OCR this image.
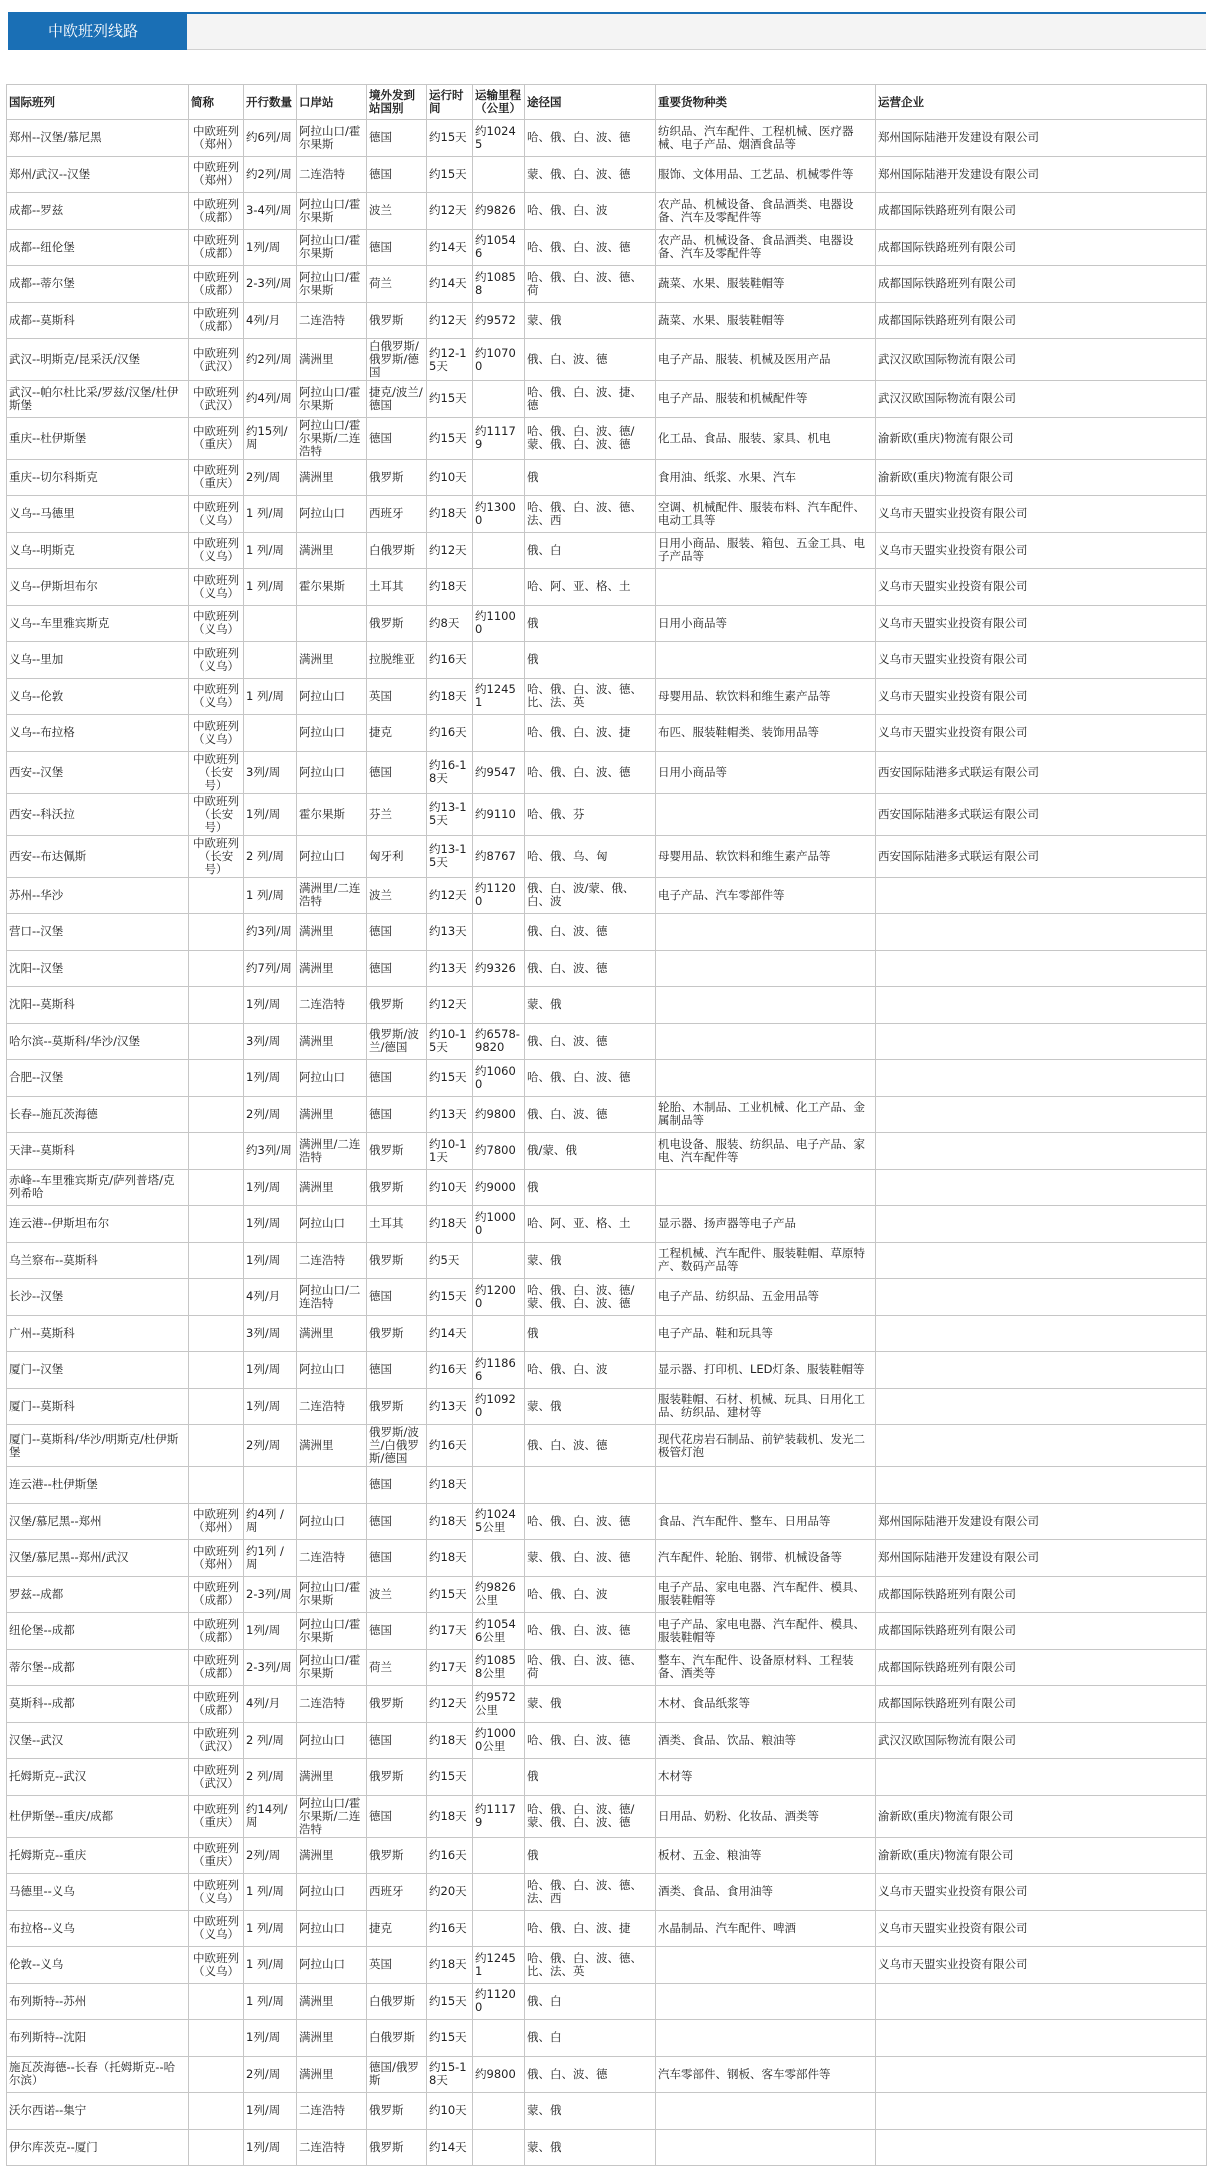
中欧班列线路
国际班列	简称	开行数量	口岸站	境外发到站国别	运行时间	运输里程（公里）	途径国	重要货物种类	运营企业
郑州--汉堡/慕尼黑	中欧班列（郑州）	约6列/周	阿拉山口/霍尔果斯	德国	约15天	约10245	哈、俄、白、波、德	纺织品、汽车配件、工程机械、医疗器械、电子产品、烟酒食品等	郑州国际陆港开发建设有限公司
郑州/武汉--汉堡	中欧班列（郑州）	约2列/周	二连浩特	德国	约15天		蒙、俄、白、波、德	服饰、文体用品、工艺品、机械零件等	郑州国际陆港开发建设有限公司
成都--罗兹	中欧班列（成都）	3-4列/周	阿拉山口/霍尔果斯	波兰	约12天	约9826	哈、俄、白、波	农产品、机械设备、食品酒类、电器设备、汽车及零配件等	成都国际铁路班列有限公司
成都--纽伦堡	中欧班列（成都）	1列/周	阿拉山口/霍尔果斯	德国	约14天	约10546	哈、俄、白、波、德	农产品、机械设备、食品酒类、电器设备、汽车及零配件等	成都国际铁路班列有限公司
成都--蒂尔堡	中欧班列（成都）	2-3列/周	阿拉山口/霍尔果斯	荷兰	约14天	约10858	哈、俄、白、波、德、荷	蔬菜、水果、服装鞋帽等	成都国际铁路班列有限公司
成都--莫斯科	中欧班列（成都）	4列/月	二连浩特	俄罗斯	约12天	约9572	蒙、俄	蔬菜、水果、服装鞋帽等	成都国际铁路班列有限公司
武汉--明斯克/昆采沃/汉堡	中欧班列（武汉）	约2列/周	满洲里	白俄罗斯/俄罗斯/德国	约12-15天	约10700	俄、白、波、德	电子产品、服装、机械及医用产品	武汉汉欧国际物流有限公司
武汉--帕尔杜比采/罗兹/汉堡/杜伊斯堡	中欧班列（武汉）	约4列/周	阿拉山口/霍尔果斯	捷克/波兰/德国	约15天		哈、俄、白、波、捷、德	电子产品、服装和机械配件等	武汉汉欧国际物流有限公司
重庆--杜伊斯堡	中欧班列（重庆）	约15列/周	阿拉山口/霍尔果斯/二连浩特	德国	约15天	约11179	哈、俄、白、波、德/蒙、俄、白、波、德	化工品、食品、服装、家具、机电	渝新欧(重庆)物流有限公司
重庆--切尔科斯克	中欧班列（重庆）	2列/周	满洲里	俄罗斯	约10天		俄	食用油、纸浆、水果、汽车	渝新欧(重庆)物流有限公司
义乌--马德里	中欧班列（义乌）	1 列/周	阿拉山口	西班牙	约18天	约13000	哈、俄、白、波、德、法、西	空调、机械配件、服装布料、汽车配件、电动工具等	义乌市天盟实业投资有限公司
义乌--明斯克	中欧班列（义乌）	1 列/周	满洲里	白俄罗斯	约12天		俄、白	日用小商品、服装、箱包、五金工具、电子产品等	义乌市天盟实业投资有限公司
义乌--伊斯坦布尔	中欧班列（义乌）	1 列/周	霍尔果斯	土耳其	约18天		哈、阿、亚、格、土		义乌市天盟实业投资有限公司
义乌--车里雅宾斯克	中欧班列（义乌）			俄罗斯	约8天	约11000	俄	日用小商品等	义乌市天盟实业投资有限公司
义乌--里加	中欧班列（义乌）		满洲里	拉脱维亚	约16天		俄		义乌市天盟实业投资有限公司
义乌--伦敦	中欧班列（义乌）	1 列/周	阿拉山口	英国	约18天	约12451	哈、俄、白、波、德、比、法、英	母婴用品、软饮料和维生素产品等	义乌市天盟实业投资有限公司
义乌--布拉格	中欧班列（义乌）		阿拉山口	捷克	约16天		哈、俄、白、波、捷	布匹、服装鞋帽类、装饰用品等	义乌市天盟实业投资有限公司
西安--汉堡	中欧班列（长安号）	3列/周	阿拉山口	德国	约16-18天	约9547	哈、俄、白、波、德	日用小商品等	西安国际陆港多式联运有限公司
西安--科沃拉	中欧班列（长安号）	1列/周	霍尔果斯	芬兰	约13-15天	约9110	哈、俄、芬		西安国际陆港多式联运有限公司
西安--布达佩斯	中欧班列（长安号）	2 列/周	阿拉山口	匈牙利	约13-15天	约8767	哈、俄、乌、匈	母婴用品、软饮料和维生素产品等	西安国际陆港多式联运有限公司
苏州--华沙		1 列/周	满洲里/二连浩特	波兰	约12天	约11200	俄、白、波/蒙、俄、白、波	电子产品、汽车零部件等	
营口--汉堡		约3列/周	满洲里	德国	约13天		俄、白、波、德		
沈阳--汉堡		约7列/周	满洲里	德国	约13天	约9326	俄、白、波、德		
沈阳--莫斯科		1列/周	二连浩特	俄罗斯	约12天		蒙、俄		
哈尔滨--莫斯科/华沙/汉堡		3列/周	满洲里	俄罗斯/波兰/德国	约10-15天	约6578-9820	俄、白、波、德		
合肥--汉堡		1列/周	阿拉山口	德国	约15天	约10600	哈、俄、白、波、德		
长春--施瓦茨海德		2列/周	满洲里	德国	约13天	约9800	俄、白、波、德	轮胎、木制品、工业机械、化工产品、金属制品等	
天津--莫斯科		约3列/周	满洲里/二连浩特	俄罗斯	约10-11天	约7800	俄/蒙、俄	机电设备、服装、纺织品、电子产品、家电、汽车配件等	
赤峰--车里雅宾斯克/萨列普塔/克列希哈		1列/周	满洲里	俄罗斯	约10天	约9000	俄		
连云港--伊斯坦布尔		1列/周	阿拉山口	土耳其	约18天	约10000	哈、阿、亚、格、土	显示器、扬声器等电子产品	
乌兰察布--莫斯科		1列/周	二连浩特	俄罗斯	约5天		蒙、俄	工程机械、汽车配件、服装鞋帽、草原特产、数码产品等	
长沙--汉堡		4列/月	阿拉山口/二连浩特	德国	约15天	约12000	哈、俄、白、波、德/蒙、俄、白、波、德	电子产品、纺织品、五金用品等	
广州--莫斯科		3列/周	满洲里	俄罗斯	约14天		俄	电子产品、鞋和玩具等	
厦门--汉堡		1列/周	阿拉山口	德国	约16天	约11866	哈、俄、白、波	显示器、打印机、LED灯条、服装鞋帽等	
厦门--莫斯科		1列/周	二连浩特	俄罗斯	约13天	约10920	蒙、俄	服装鞋帽、石材、机械、玩具、日用化工品、纺织品、建材等	
厦门--莫斯科/华沙/明斯克/杜伊斯堡		2列/周	满洲里	俄罗斯/波兰/白俄罗斯/德国	约16天		俄、白、波、德	现代花房岩石制品、前铲装载机、发光二极管灯泡	
连云港--杜伊斯堡				德国	约18天				
汉堡/慕尼黑--郑州	中欧班列（郑州）	约4列 / 周	阿拉山口	德国	约18天	约10245公里	哈、俄、白、波、德	食品、汽车配件、整车、日用品等	郑州国际陆港开发建设有限公司
汉堡/慕尼黑--郑州/武汉	中欧班列（郑州）	约1列 / 周	二连浩特	德国	约18天		蒙、俄、白、波、德	汽车配件、轮胎、钢带、机械设备等	郑州国际陆港开发建设有限公司
罗兹--成都	中欧班列（成都）	2-3列/周	阿拉山口/霍尔果斯	波兰	约15天	约9826公里	哈、俄、白、波	电子产品、家电电器、汽车配件、模具、服装鞋帽等	成都国际铁路班列有限公司
纽伦堡--成都	中欧班列（成都）	1列/周	阿拉山口/霍尔果斯	德国	约17天	约10546公里	哈、俄、白、波、德	电子产品、家电电器、汽车配件、模具、服装鞋帽等	成都国际铁路班列有限公司
蒂尔堡--成都	中欧班列（成都）	2-3列/周	阿拉山口/霍尔果斯	荷兰	约17天	约10858公里	哈、俄、白、波、德、荷	整车、汽车配件、设备原材料、工程装备、酒类等	成都国际铁路班列有限公司
莫斯科--成都	中欧班列（成都）	4列/月	二连浩特	俄罗斯	约12天	约9572公里	蒙、俄	木材、食品纸浆等	成都国际铁路班列有限公司
汉堡--武汉	中欧班列（武汉）	2 列/周	阿拉山口	德国	约18天	约10000公里	哈、俄、白、波、德	酒类、食品、饮品、粮油等	武汉汉欧国际物流有限公司
托姆斯克--武汉	中欧班列（武汉）	2 列/周	满洲里	俄罗斯	约15天		俄	木材等	
杜伊斯堡--重庆/成都	中欧班列（重庆）	约14列/周	阿拉山口/霍尔果斯/二连浩特	德国	约18天	约11179	哈、俄、白、波、德/蒙、俄、白、波、德	日用品、奶粉、化妆品、酒类等	渝新欧(重庆)物流有限公司
托姆斯克--重庆	中欧班列（重庆）	2列/周	满洲里	俄罗斯	约16天		俄	板材、五金、粮油等	渝新欧(重庆)物流有限公司
马德里--义乌	中欧班列（义乌）	1 列/周	阿拉山口	西班牙	约20天		哈、俄、白、波、德、法、西	酒类、食品、食用油等	义乌市天盟实业投资有限公司
布拉格--义乌	中欧班列（义乌）	1 列/周	阿拉山口	捷克	约16天		哈、俄、白、波、捷	水晶制品、汽车配件、啤酒	义乌市天盟实业投资有限公司
伦敦--义乌	中欧班列（义乌）	1 列/周	阿拉山口	英国	约18天	约12451	哈、俄、白、波、德、比、法、英		义乌市天盟实业投资有限公司
布列斯特--苏州		1 列/周	满洲里	白俄罗斯	约15天	约11200	俄、白		
布列斯特--沈阳		1列/周	满洲里	白俄罗斯	约15天		俄、白		
施瓦茨海德--长春（托姆斯克--哈尔滨）		2列/周	满洲里	德国/俄罗斯	约15-18天	约9800	俄、白、波、德	汽车零部件、钢板、客车零部件等	
沃尔西诺--集宁		1列/周	二连浩特	俄罗斯	约10天		蒙、俄		
伊尔库茨克--厦门		1列/周	二连浩特	俄罗斯	约14天		蒙、俄		
